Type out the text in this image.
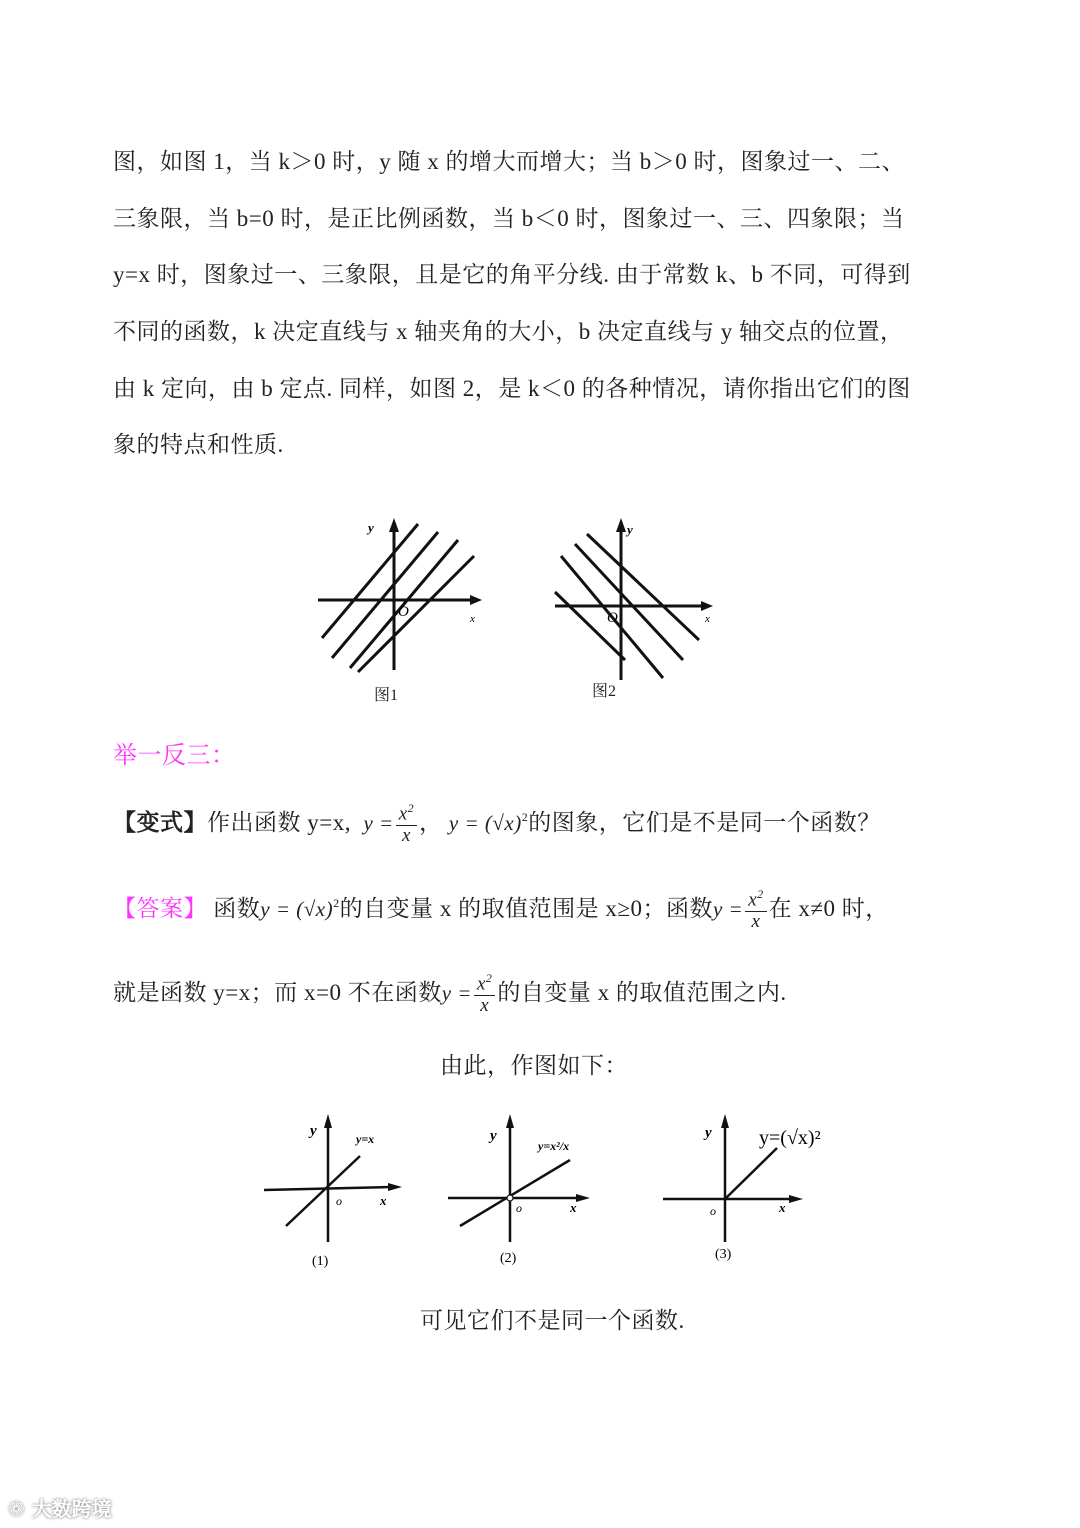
图，如图 1，当 k＞0 时，y 随 x 的增大而增大；当 b＞0 时，图象过一、二、
三象限，当 b=0 时，是正比例函数，当 b＜0 时，图象过一、三、四象限；当
y=x 时，图象过一、三象限，且是它的角平分线. 由于常数 k、b 不同，可得到
不同的函数，k 决定直线与 x 轴夹角的大小，b 决定直线与 y 轴交点的位置，
由 k 定向，由 b 定点. 同样，如图 2，是 k＜0 的各种情况，请你指出它们的图
象的特点和性质.
y
x
O
图1
y
x
O
图2
举一反三：
【变式】作出函数 y=x, $y = \frac{x^2}{x}$ ， $y = (√x)^2$的图象，它们是不是同一个函数？
【答案】 函数$y = (√x)^2$的自变量 x 的取值范围是 x≥0；函数$y = \frac{x^2}{x}$ 在 x≠0 时，
就是函数 y=x；而 x=0 不在函数$y = \frac{x^2}{x}$ 的自变量 x 的取值范围之内.
由此，作图如下：
y	y=x
o	x
(1)
y
y=x²/x
o	x
(2)
y y=(√x)²
o	x
(3)
可见它们不是同一个函数.
❁ 大数跨境
